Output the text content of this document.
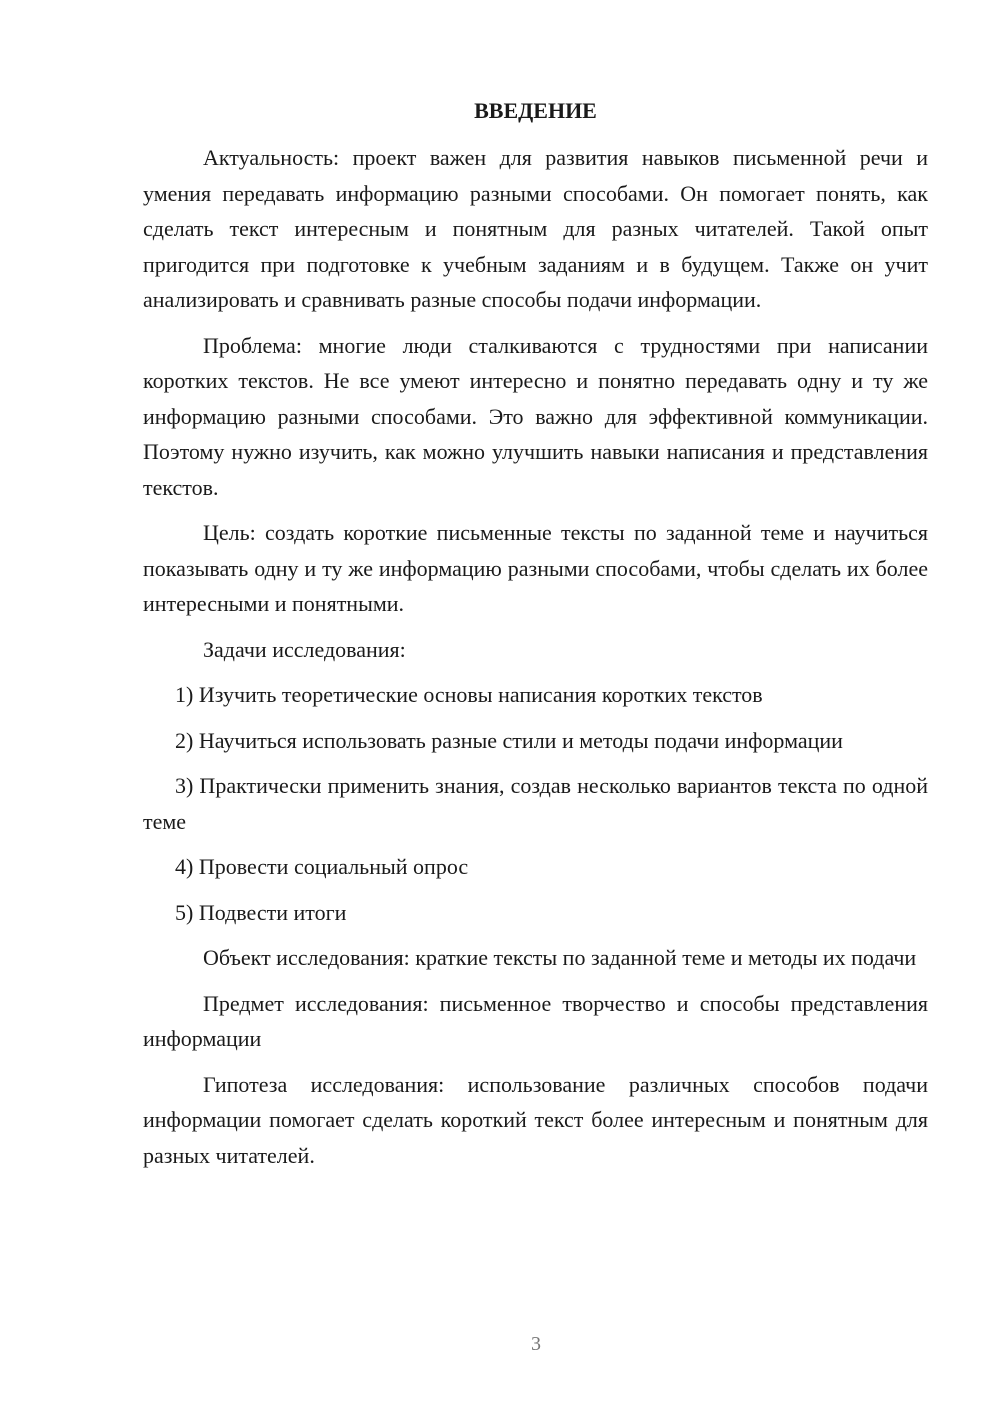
ВВЕДЕНИЕ

Актуальность: проект важен для развития навыков письменной речи и умения передавать информацию разными способами. Он помогает понять, как сделать текст интересным и понятным для разных читателей. Такой опыт пригодится при подготовке к учебным заданиям и в будущем. Также он учит анализировать и сравнивать разные способы подачи информации.

Проблема: многие люди сталкиваются с трудностями при написании коротких текстов. Не все умеют интересно и понятно передавать одну и ту же информацию разными способами. Это важно для эффективной коммуникации. Поэтому нужно изучить, как можно улучшить навыки написания и представления текстов.

Цель: создать короткие письменные тексты по заданной теме и научиться показывать одну и ту же информацию разными способами, чтобы сделать их более интересными и понятными.

Задачи исследования:

1) Изучить теоретические основы написания коротких текстов

2) Научиться использовать разные стили и методы подачи информации

3) Практически применить знания, создав несколько вариантов текста по одной теме

4) Провести социальный опрос

5) Подвести итоги

Объект исследования: краткие тексты по заданной теме и методы их подачи

Предмет исследования: письменное творчество и способы представления информации

Гипотеза исследования: использование различных способов подачи информации помогает сделать короткий текст более интересным и понятным для разных читателей.

3
